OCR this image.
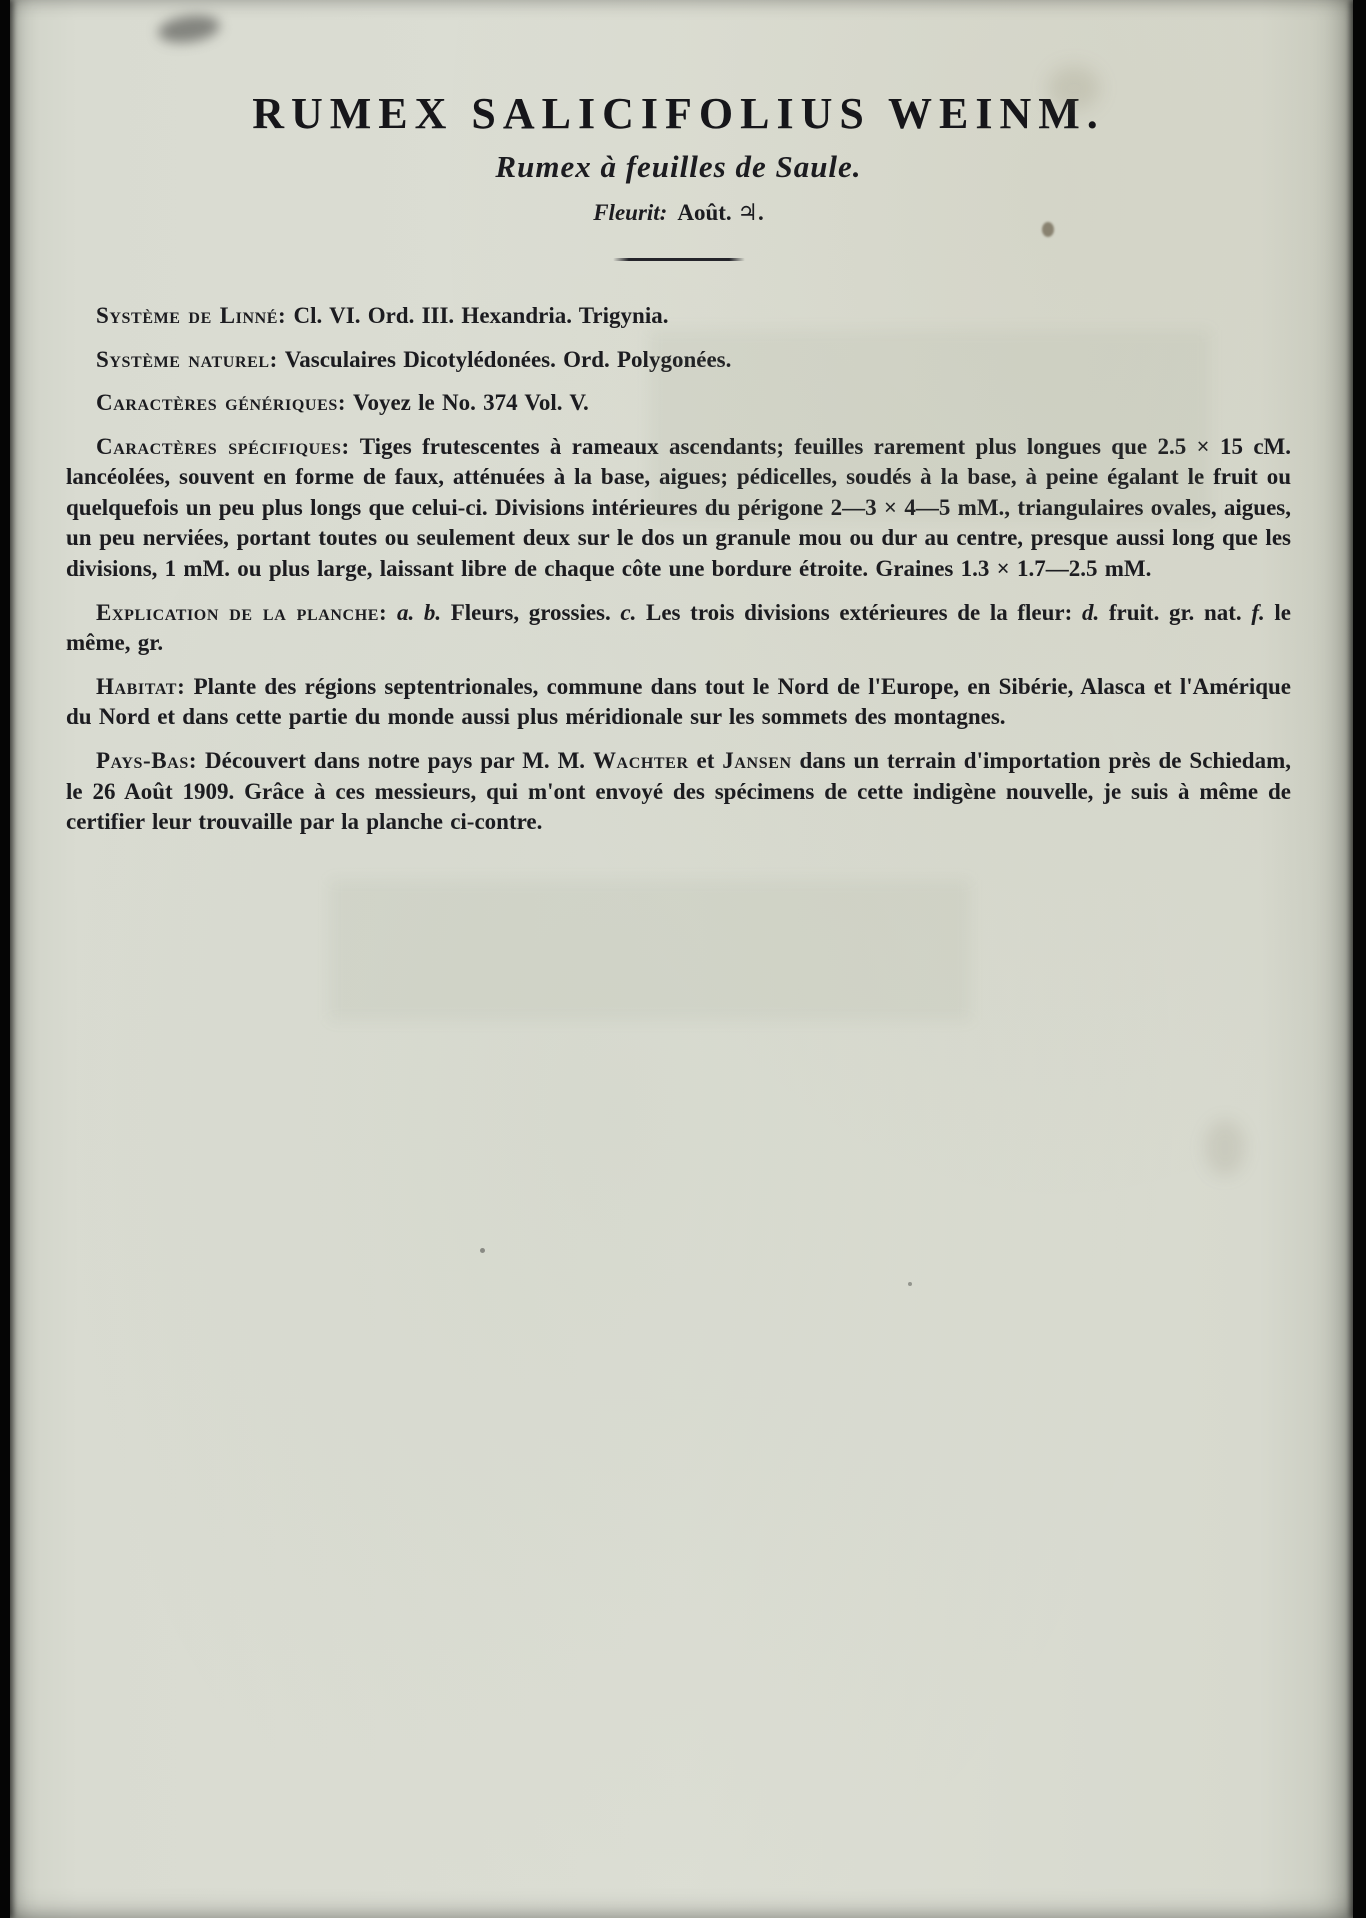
RUMEX SALICIFOLIUS WEINM.
Rumex à feuilles de Saule.

Fleurit: Août. ♃.

Système de Linné: Cl. VI. Ord. III. Hexandria. Trigynia.

Système naturel: Vasculaires Dicotylédonées. Ord. Polygonées.

Caractères génériques: Voyez le No. 374 Vol. V.

Caractères spécifiques: Tiges frutescentes à rameaux ascendants; feuilles rarement plus longues que 2.5 × 15 cM. lancéolées, souvent en forme de faux, atténuées à la base, aigues; pédicelles, soudés à la base, à peine égalant le fruit ou quelquefois un peu plus longs que celui-ci. Divisions intérieures du périgone 2—3 × 4—5 mM., triangulaires ovales, aigues, un peu nerviées, portant toutes ou seulement deux sur le dos un granule mou ou dur au centre, presque aussi long que les divisions, 1 mM. ou plus large, laissant libre de chaque côte une bordure étroite. Graines 1.3 × 1.7—2.5 mM.

Explication de la planche: a. b. Fleurs, grossies. c. Les trois divisions extérieures de la fleur: d. fruit. gr. nat. f. le même, gr.

Habitat: Plante des régions septentrionales, commune dans tout le Nord de l'Europe, en Sibérie, Alasca et l'Amérique du Nord et dans cette partie du monde aussi plus méridionale sur les sommets des montagnes.

Pays-Bas: Découvert dans notre pays par M. M. Wachter et Jansen dans un terrain d'importation près de Schiedam, le 26 Août 1909. Grâce à ces messieurs, qui m'ont envoyé des spécimens de cette indigène nouvelle, je suis à même de certifier leur trouvaille par la planche ci-contre.
